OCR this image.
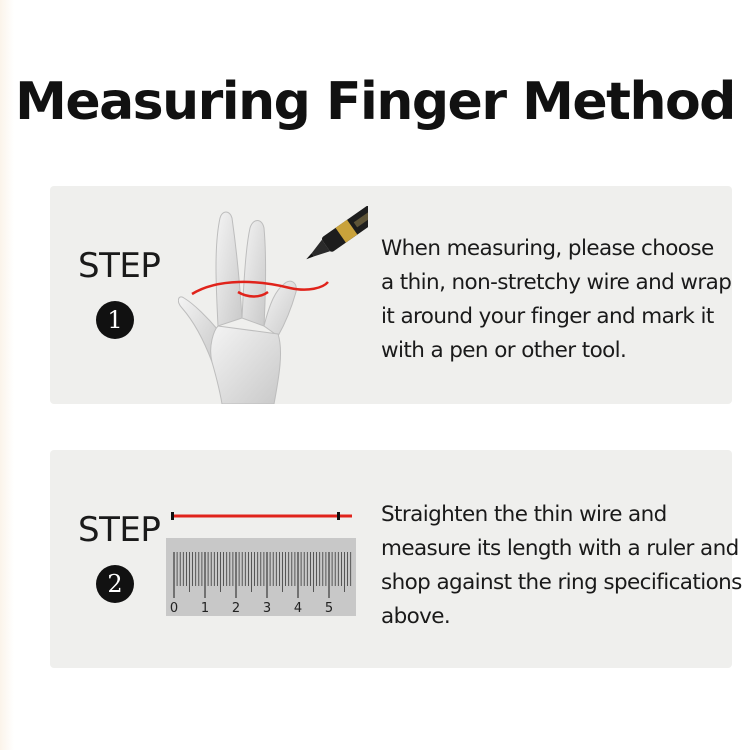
Measuring Finger Method
STEP
1

When measuring, please choose
a thin, non-stretchy wire and wrap
it around your finger and mark it
with a pen or other tool.

STEP
2
0 1 2 3 4 5

Straighten the thin wire and
measure its length with a ruler and
shop against the ring specifications
above.
